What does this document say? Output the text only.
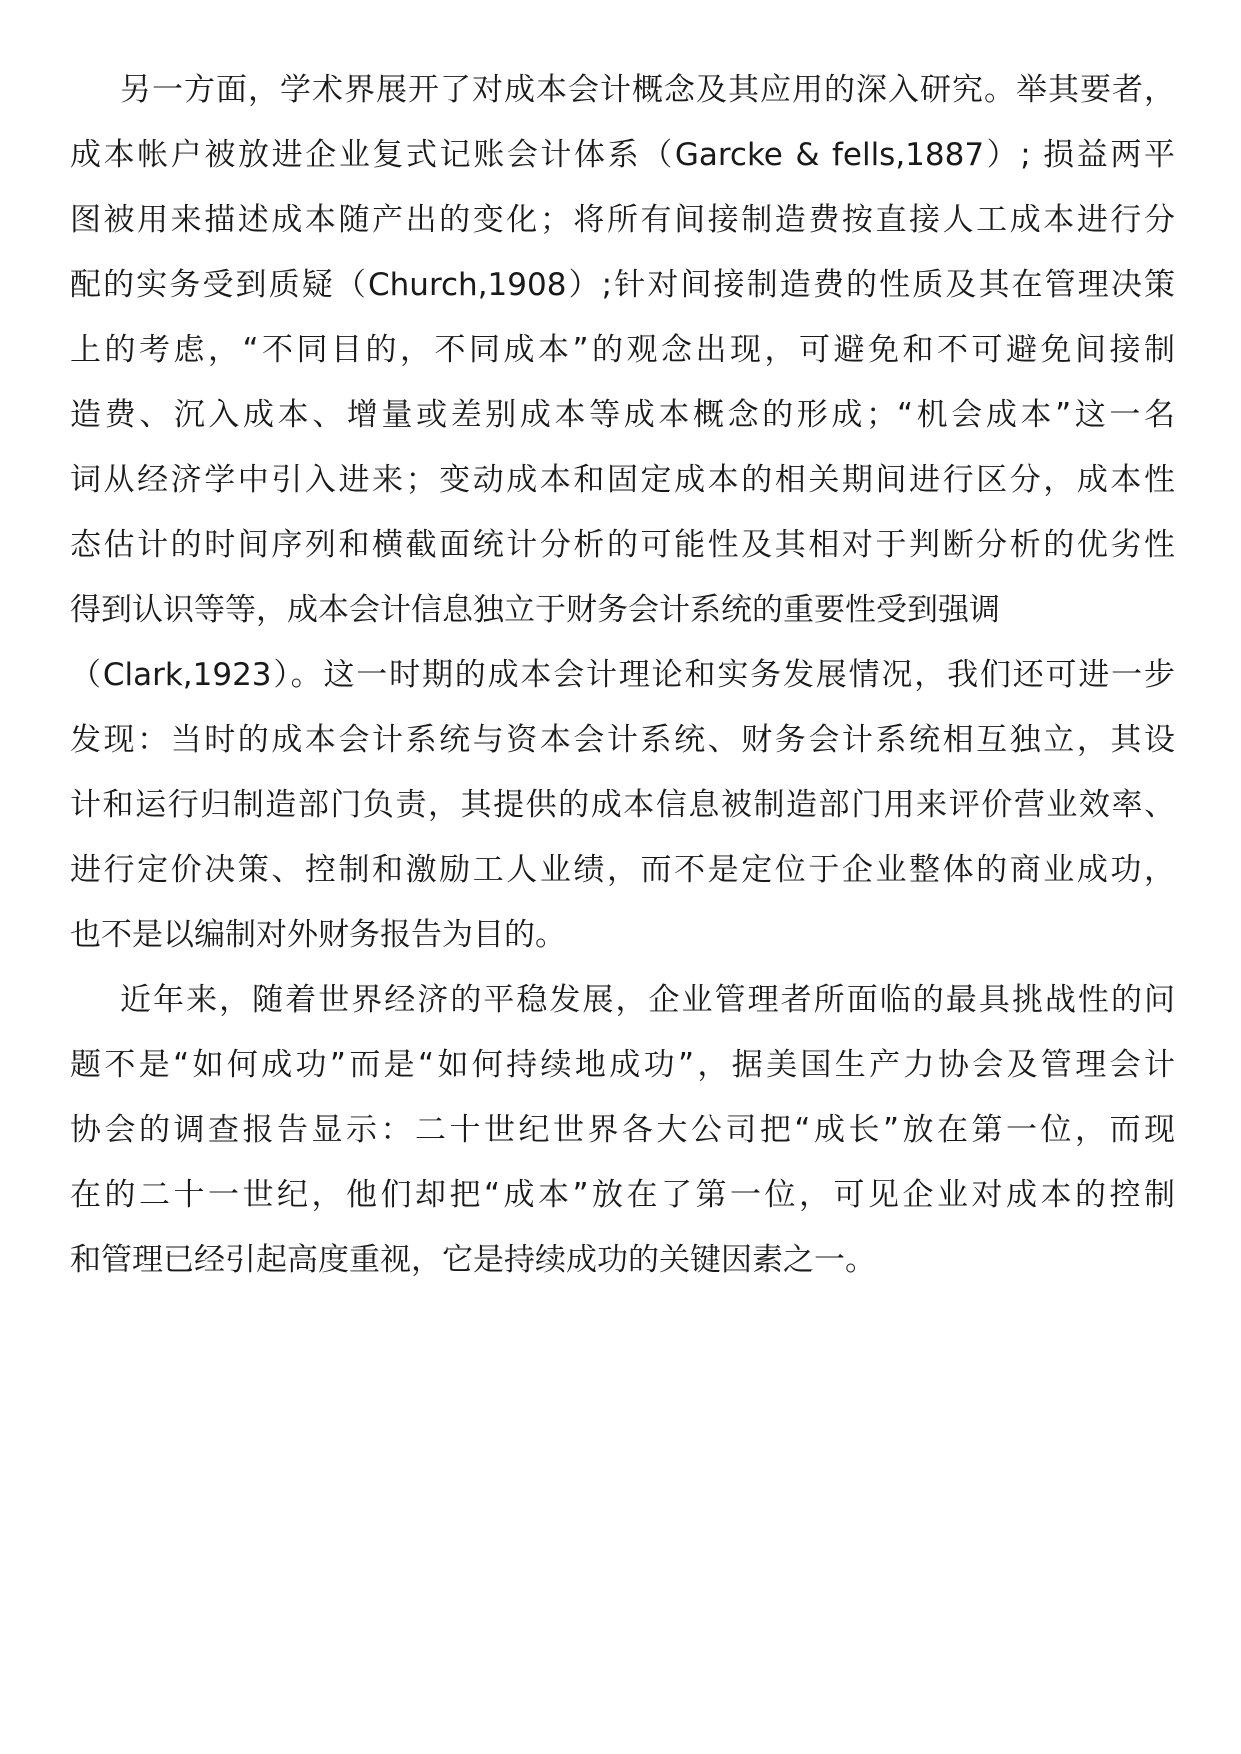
另一方面，学术界展开了对成本会计概念及其应用的深入研究。举其要者，
成本帐户被放进企业复式记账会计体系（Garcke & fells,1887）; 损益两平
图被用来描述成本随产出的变化；将所有间接制造费按直接人工成本进行分
配的实务受到质疑（Church,1908）;针对间接制造费的性质及其在管理决策
上的考虑，“不同目的，不同成本”的观念出现，可避免和不可避免间接制
造费、沉入成本、增量或差别成本等成本概念的形成；“机会成本”这一名
词从经济学中引入进来；变动成本和固定成本的相关期间进行区分，成本性
态估计的时间序列和横截面统计分析的可能性及其相对于判断分析的优劣性
得到认识等等，成本会计信息独立于财务会计系统的重要性受到强调
（Clark,1923）。这一时期的成本会计理论和实务发展情况，我们还可进一步
发现：当时的成本会计系统与资本会计系统、财务会计系统相互独立，其设
计和运行归制造部门负责，其提供的成本信息被制造部门用来评价营业效率、
进行定价决策、控制和激励工人业绩，而不是定位于企业整体的商业成功，
也不是以编制对外财务报告为目的。
近年来，随着世界经济的平稳发展，企业管理者所面临的最具挑战性的问
题不是“如何成功”而是“如何持续地成功”，据美国生产力协会及管理会计
协会的调查报告显示：二十世纪世界各大公司把“成长”放在第一位，而现
在的二十一世纪，他们却把“成本”放在了第一位，可见企业对成本的控制
和管理已经引起高度重视，它是持续成功的关键因素之一。
